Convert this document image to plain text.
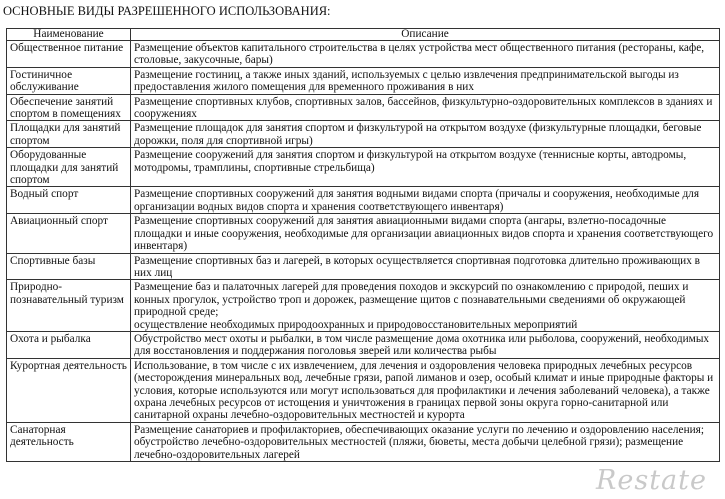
ОСНОВНЫЕ ВИДЫ РАЗРЕШЕННОГО ИСПОЛЬЗОВАНИЯ:
Наименование	Описание
Общественное питание	Размещение объектов капитального строительства в целях устройства мест общественного питания (рестораны, кафе,
столовые, закусочные, бары)

Гостиничное обслуживание	Размещение гостиниц, а также иных зданий, используемых с целью извлечения предпринимательской выгоды из
предоставления жилого помещения для временного проживания в них

Обеспечение занятий спортом в помещениях	Размещение спортивных клубов, спортивных залов, бассейнов, физкультурно-оздоровительных комплексов в зданиях и
сооружениях

Площадки для занятий спортом	Размещение площадок для занятия спортом и физкультурой на открытом воздухе (физкультурные площадки, беговые
дорожки, поля для спортивной игры)

Оборудованные площадки для занятий спортом	Размещение сооружений для занятия спортом и физкультурой на открытом воздухе (теннисные корты, автодромы,
мотодромы, трамплины, спортивные стрельбища)

Водный спорт	Размещение спортивных сооружений для занятия водными видами спорта (причалы и сооружения, необходимые для
организации водных видов спорта и хранения соответствующего инвентаря)

Авиационный спорт	Размещение спортивных сооружений для занятия авиационными видами спорта (ангары, взлетно-посадочные
площадки и иные сооружения, необходимые для организации авиационных видов спорта и хранения соответствующего
инвентаря)

Спортивные базы	Размещение спортивных баз и лагерей, в которых осуществляется спортивная подготовка длительно проживающих в
них лиц

Природно-познавательный туризм	Размещение баз и палаточных лагерей для проведения походов и экскурсий по ознакомлению с природой, пеших и
конных прогулок, устройство троп и дорожек, размещение щитов с познавательными сведениями об окружающей
природной среде;
осуществление необходимых природоохранных и природовосстановительных мероприятий

Охота и рыбалка	Обустройство мест охоты и рыбалки, в том числе размещение дома охотника или рыболова, сооружений, необходимых
для восстановления и поддержания поголовья зверей или количества рыбы

Курортная деятельность	Использование, в том числе с их извлечением, для лечения и оздоровления человека природных лечебных ресурсов
(месторождения минеральных вод, лечебные грязи, рапой лиманов и озер, особый климат и иные природные факторы и
условия, которые используются или могут использоваться для профилактики и лечения заболеваний человека), а также
охрана лечебных ресурсов от истощения и уничтожения в границах первой зоны округа горно-санитарной или
санитарной охраны лечебно-оздоровительных местностей и курорта

Санаторная деятельность	Размещение санаториев и профилакториев, обеспечивающих оказание услуги по лечению и оздоровлению населения;
обустройство лечебно-оздоровительных местностей (пляжи, бюветы, места добычи целебной грязи); размещение
лечебно-оздоровительных лагерей
Restate
